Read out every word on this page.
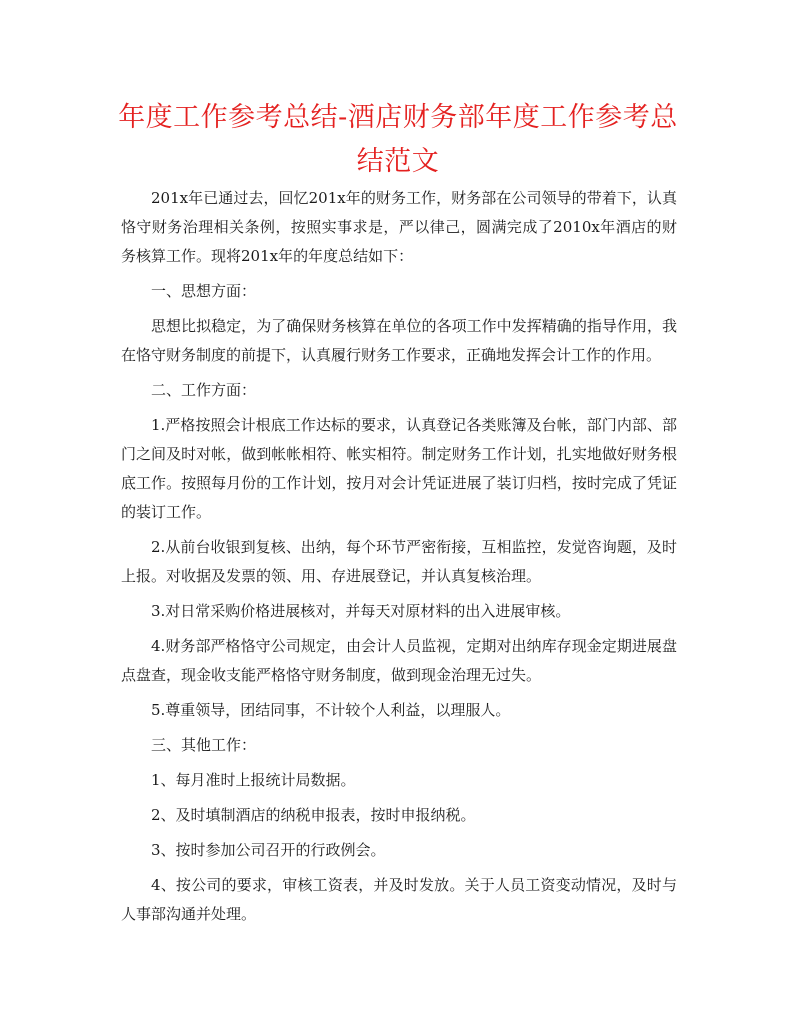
年度工作参考总结-酒店财务部年度工作参考总结范文

201x年已通过去，回忆201x年的财务工作，财务部在公司领导的带着下，认真恪守财务治理相关条例，按照实事求是，严以律己，圆满完成了2010x年酒店的财务核算工作。现将201x年的年度总结如下：

一、思想方面：

思想比拟稳定，为了确保财务核算在单位的各项工作中发挥精确的指导作用，我在恪守财务制度的前提下，认真履行财务工作要求，正确地发挥会计工作的作用。

二、工作方面：

1.严格按照会计根底工作达标的要求，认真登记各类账簿及台帐，部门内部、部门之间及时对帐，做到帐帐相符、帐实相符。制定财务工作计划，扎实地做好财务根底工作。按照每月份的工作计划，按月对会计凭证进展了装订归档，按时完成了凭证的装订工作。

2.从前台收银到复核、出纳，每个环节严密衔接，互相监控，发觉咨询题，及时上报。对收据及发票的领、用、存进展登记，并认真复核治理。

3.对日常采购价格进展核对，并每天对原材料的出入进展审核。

4.财务部严格恪守公司规定，由会计人员监视，定期对出纳库存现金定期进展盘点盘查，现金收支能严格恪守财务制度，做到现金治理无过失。

5.尊重领导，团结同事，不计较个人利益，以理服人。

三、其他工作：

1、每月准时上报统计局数据。

2、及时填制酒店的纳税申报表，按时申报纳税。

3、按时参加公司召开的行政例会。

4、按公司的要求，审核工资表，并及时发放。关于人员工资变动情况，及时与人事部沟通并处理。
